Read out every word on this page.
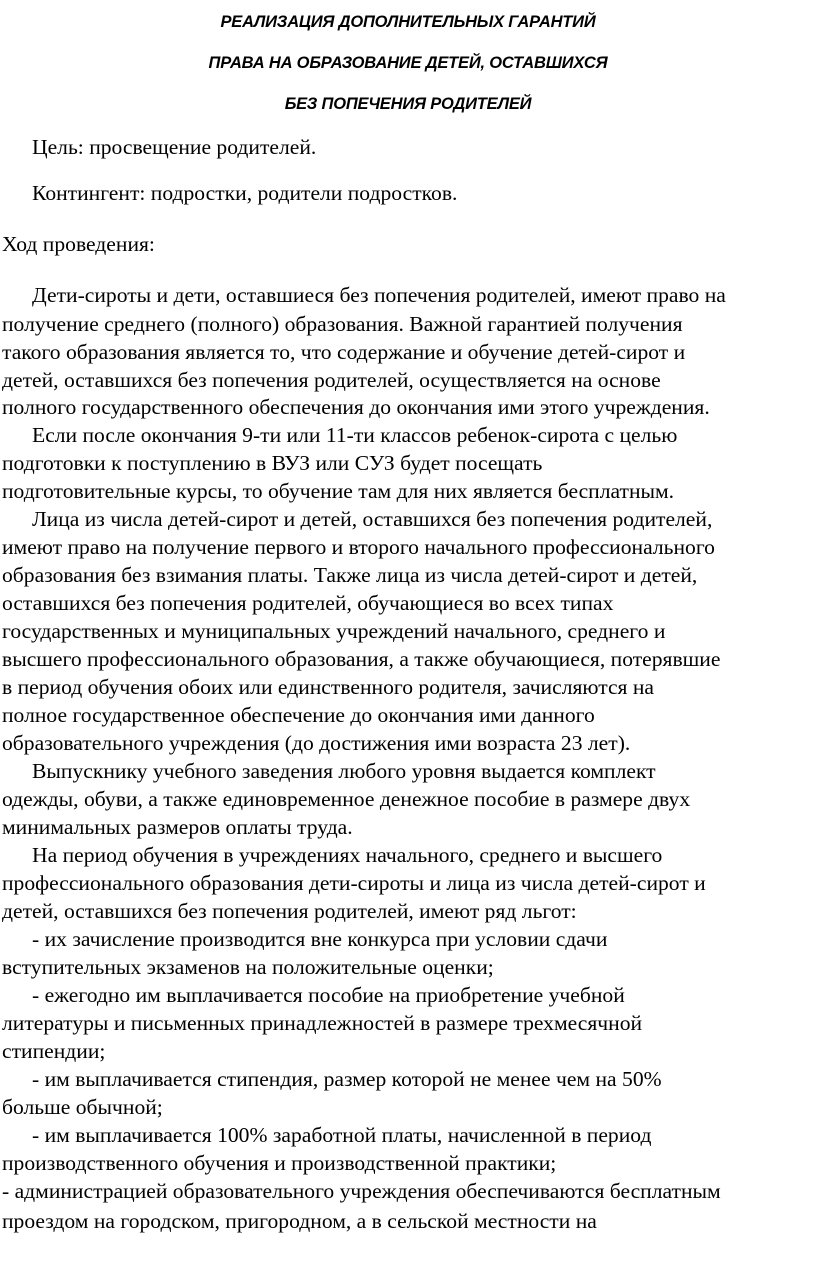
РЕАЛИЗАЦИЯ ДОПОЛНИТЕЛЬНЫХ ГАРАНТИЙ
ПРАВА НА ОБРАЗОВАНИЕ ДЕТЕЙ, ОСТАВШИХСЯ
БЕЗ ПОПЕЧЕНИЯ РОДИТЕЛЕЙ
Цель: просвещение родителей.
Контингент: подростки, родители подростков.
Ход проведения:
Дети-сироты и дети, оставшиеся без попечения родителей, имеют право на
получение среднего (полного) образования. Важной гарантией получения
такого образования является то, что содержание и обучение детей-сирот и
детей, оставшихся без попечения родителей, осуществляется на основе
полного государственного обеспечения до окончания ими этого учреждения.
Если после окончания 9-ти или 11-ти классов ребенок-сирота с целью
подготовки к поступлению в ВУЗ или СУЗ будет посещать
подготовительные курсы, то обучение там для них является бесплатным.
Лица из числа детей-сирот и детей, оставшихся без попечения родителей,
имеют право на получение первого и второго начального профессионального
образования без взимания платы. Также лица из числа детей-сирот и детей,
оставшихся без попечения родителей, обучающиеся во всех типах
государственных и муниципальных учреждений начального, среднего и
высшего профессионального образования, а также обучающиеся, потерявшие
в период обучения обоих или единственного родителя, зачисляются на
полное государственное обеспечение до окончания ими данного
образовательного учреждения (до достижения ими возраста 23 лет).
Выпускнику учебного заведения любого уровня выдается комплект
одежды, обуви, а также единовременное денежное пособие в размере двух
минимальных размеров оплаты труда.
На период обучения в учреждениях начального, среднего и высшего
профессионального образования дети-сироты и лица из числа детей-сирот и
детей, оставшихся без попечения родителей, имеют ряд льгот:
- их зачисление производится вне конкурса при условии сдачи
вступительных экзаменов на положительные оценки;
- ежегодно им выплачивается пособие на приобретение учебной
литературы и письменных принадлежностей в размере трехмесячной
стипендии;
- им выплачивается стипендия, размер которой не менее чем на 50%
больше обычной;
- им выплачивается 100% заработной платы, начисленной в период
производственного обучения и производственной практики;
- администрацией образовательного учреждения обеспечиваются бесплатным
проездом на городском, пригородном, а в сельской местности на
